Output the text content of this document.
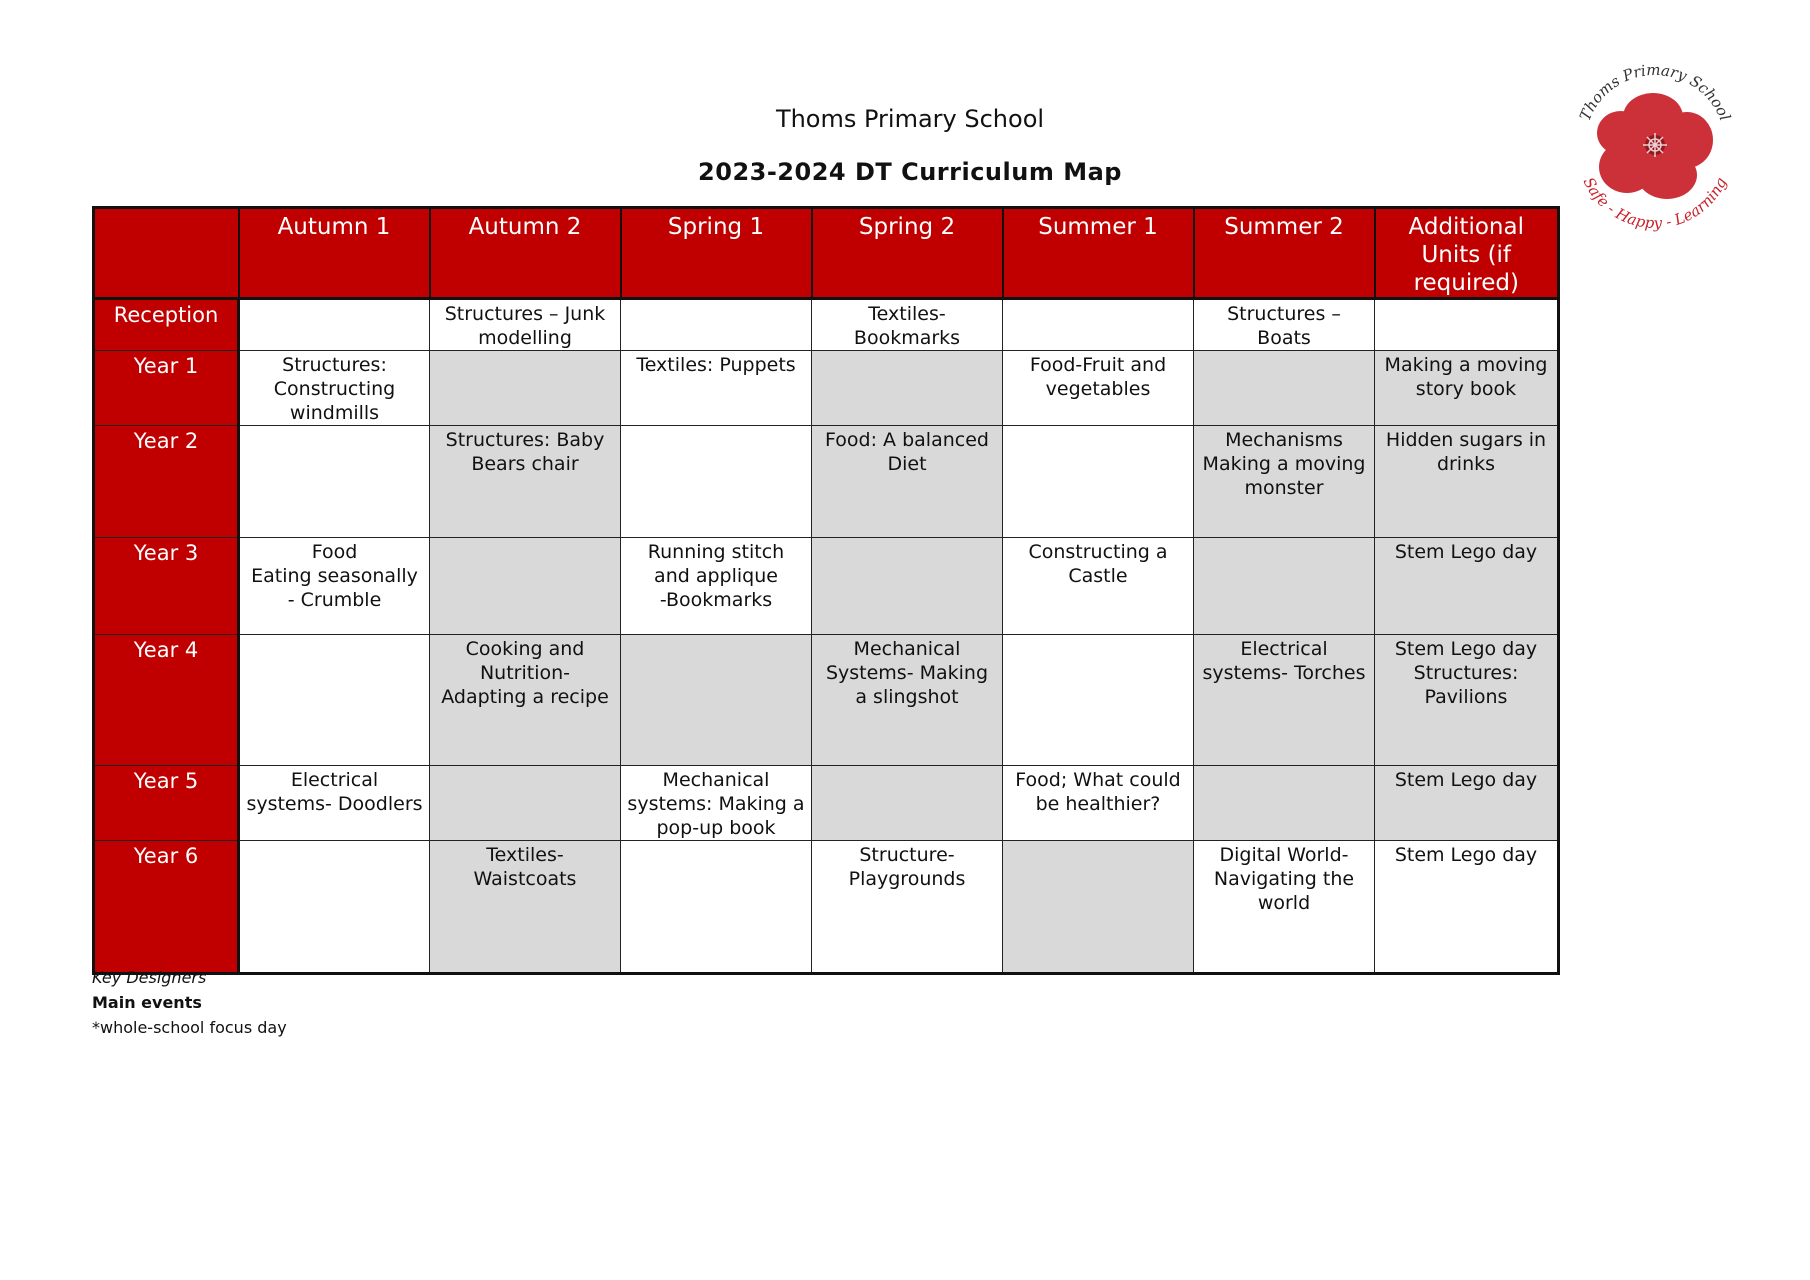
Thoms Primary School
2023-2024 DT Curriculum Map
Thoms Primary School
Safe - Happy - Learning
	Autumn 1	Autumn 2	Spring 1	Spring 2	Summer 1	Summer 2	Additional Units (if required)
Reception		Structures – Junk modelling		Textiles- Bookmarks		Structures – Boats	
Year 1	Structures: Constructing windmills		Textiles: Puppets		Food-Fruit and vegetables		Making a moving story book
Year 2		Structures: Baby Bears chair		Food: A balanced Diet		Mechanisms Making a moving monster	Hidden sugars in drinks
Year 3	Food
Eating seasonally
- Crumble		Running stitch and applique
-Bookmarks		Constructing a Castle		Stem Lego day
Year 4		Cooking and Nutrition- Adapting a recipe		Mechanical Systems- Making a slingshot		Electrical systems- Torches	Stem Lego day
Structures: Pavilions
Year 5	Electrical systems- Doodlers		Mechanical systems: Making a pop-up book		Food; What could be healthier?		Stem Lego day
Year 6		Textiles- Waistcoats		Structure- Playgrounds		Digital World- Navigating the world	Stem Lego day
Key Designers
Main events
*whole-school focus day
